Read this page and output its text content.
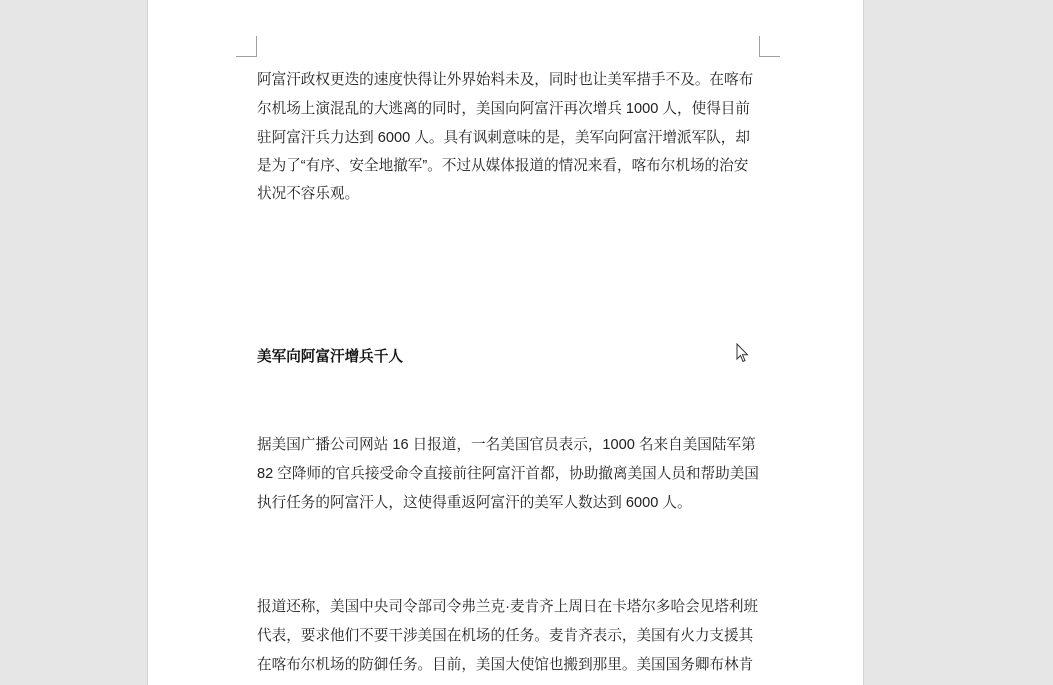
阿富汗政权更迭的速度快得让外界始料未及，同时也让美军措手不及。在喀布
尔机场上演混乱的大逃离的同时，美国向阿富汗再次增兵 1000 人，使得目前
驻阿富汗兵力达到 6000 人。具有讽刺意味的是，美军向阿富汗增派军队，却
是为了“有序、安全地撤军”。不过从媒体报道的情况来看，喀布尔机场的治安
状况不容乐观。
美军向阿富汗增兵千人
据美国广播公司网站 16 日报道，一名美国官员表示，1000 名来自美国陆军第
82 空降师的官兵接受命令直接前往阿富汗首都，协助撤离美国人员和帮助美国
执行任务的阿富汗人，这使得重返阿富汗的美军人数达到 6000 人。
报道还称，美国中央司令部司令弗兰克·麦肯齐上周日在卡塔尔多哈会见塔利班
代表，要求他们不要干涉美国在机场的任务。麦肯齐表示，美国有火力支援其
在喀布尔机场的防御任务。目前，美国大使馆也搬到那里。美国国务卿布林肯
